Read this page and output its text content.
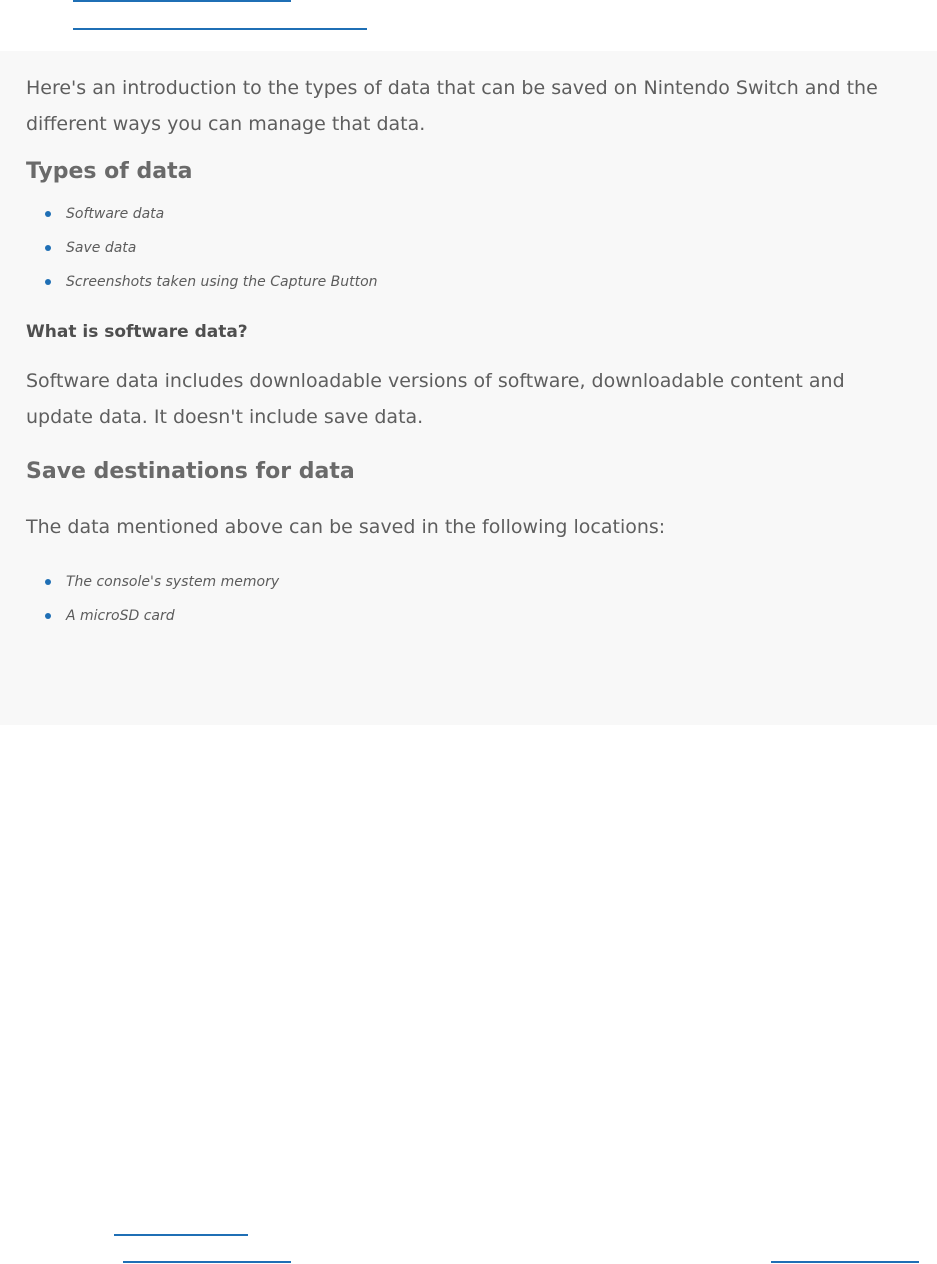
Here's an introduction to the types of data that can be saved on Nintendo Switch and the different ways you can manage that data.

Types of data
Software data
Save data
Screenshots taken using the Capture Button
What is software data?

Software data includes downloadable versions of software, downloadable content and update data. It doesn't include save data.

Save destinations for data

The data mentioned above can be saved in the following locations:

The console's system memory
A microSD card
